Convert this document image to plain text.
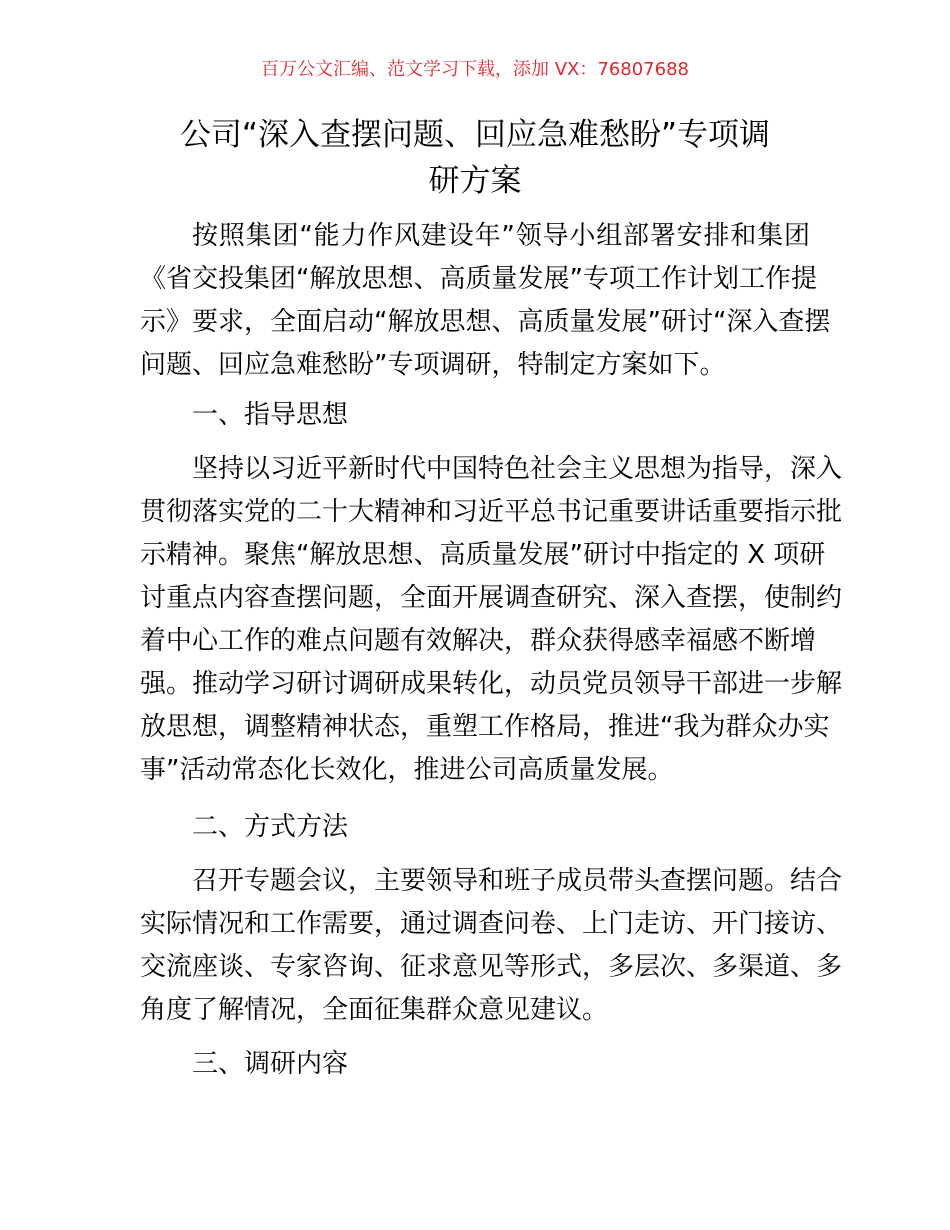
百万公文汇编、范文学习下载，添加 VX：76807688
公司“深入查摆问题、回应急难愁盼”专项调
研方案
按照集团“能力作风建设年”领导小组部署安排和集团
《省交投集团“解放思想、高质量发展”专项工作计划工作提
示》要求，全面启动“解放思想、高质量发展”研讨“深入查摆
问题、回应急难愁盼”专项调研，特制定方案如下。
一、指导思想
坚持以习近平新时代中国特色社会主义思想为指导，深入
贯彻落实党的二十大精神和习近平总书记重要讲话重要指示批
示精神。聚焦“解放思想、高质量发展”研讨中指定的 X 项研
讨重点内容查摆问题，全面开展调查研究、深入查摆，使制约
着中心工作的难点问题有效解决，群众获得感幸福感不断增
强。推动学习研讨调研成果转化，动员党员领导干部进一步解
放思想，调整精神状态，重塑工作格局，推进“我为群众办实
事”活动常态化长效化，推进公司高质量发展。
二、方式方法
召开专题会议，主要领导和班子成员带头查摆问题。结合
实际情况和工作需要，通过调查问卷、上门走访、开门接访、
交流座谈、专家咨询、征求意见等形式，多层次、多渠道、多
角度了解情况，全面征集群众意见建议。
三、调研内容
